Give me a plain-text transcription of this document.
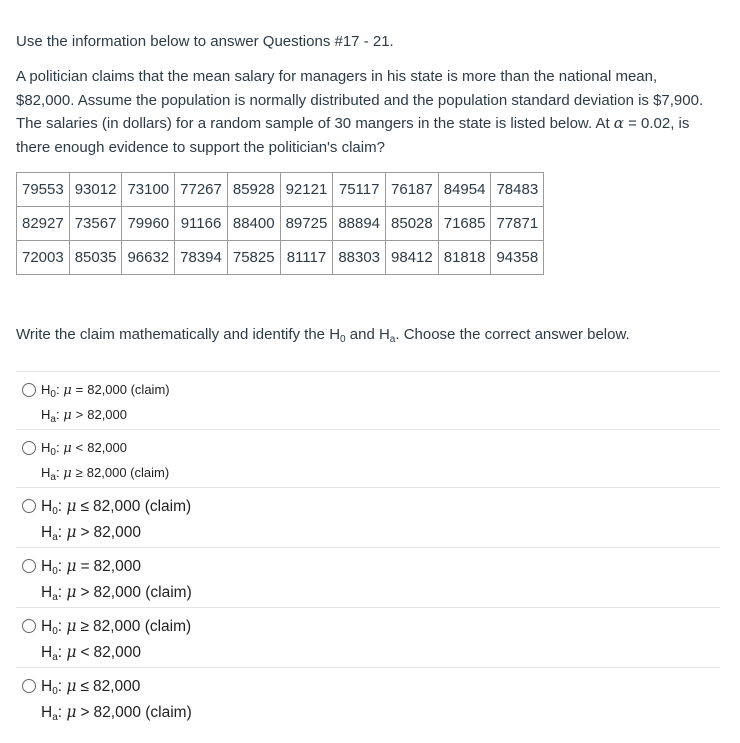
Use the information below to answer Questions #17 - 21.

A politician claims that the mean salary for managers in his state is more than the national mean, $82,000. Assume the population is normally distributed and the population standard deviation is $7,900. The salaries (in dollars) for a random sample of 30 mangers in the state is listed below. At α = 0.02, is there enough evidence to support the politician's claim?

79553	93012	73100	77267	85928	92121	75117	76187	84954	78483
82927	73567	79960	91166	88400	89725	88894	85028	71685	77871
72003	85035	96632	78394	75825	81117	88303	98412	81818	94358

Write the claim mathematically and identify the $H_0$ and $H_a$. Choose the correct answer below.

$H_0$: μ = 82,000 (claim)
$H_a$: μ > 82,000
$H_0$: μ < 82,000
$H_a$: μ ≥ 82,000 (claim)
$H_0$: μ ≤ 82,000 (claim)
$H_a$: μ > 82,000
$H_0$: μ = 82,000
$H_a$: μ > 82,000 (claim)
$H_0$: μ ≥ 82,000 (claim)
$H_a$: μ < 82,000
$H_0$: μ ≤ 82,000
$H_a$: μ > 82,000 (claim)
